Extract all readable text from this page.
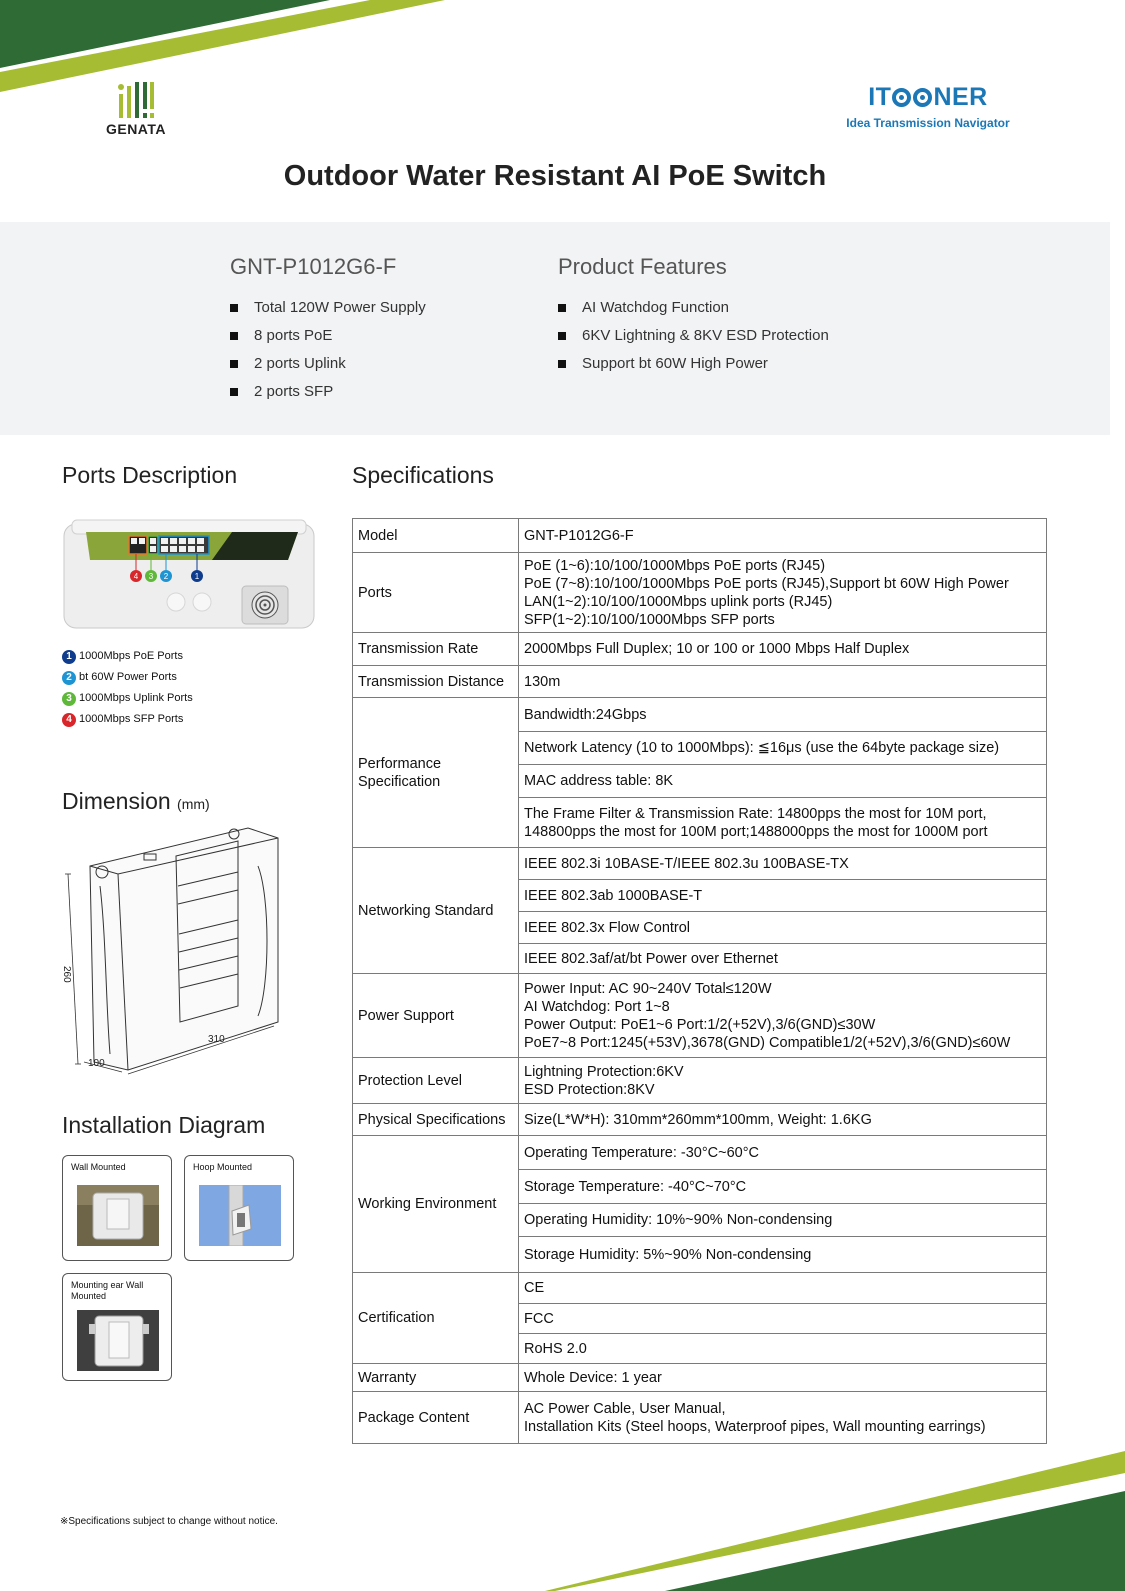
GENATA
IT NER
Idea Transmission Navigator
Outdoor Water Resistant AI PoE Switch
GNT-P1012G6-F
Total 120W Power Supply
8 ports PoE
2 ports Uplink
2 ports SFP
Product Features
AI Watchdog Function
6KV Lightning & 8KV ESD Protection
Support bt 60W High Power
Ports Description
4 3 2	1
1 1000Mbps PoE Ports
2 bt 60W Power Ports
3 1000Mbps Uplink Ports
4 1000Mbps SFP Ports
Dimension (mm)
260
310
100
Installation Diagram
Wall Mounted	Hoop Mounted
Mounting ear Wall Mounted
Specifications
Model	GNT-P1012G6-F

Ports	PoE (1~6):10/100/1000Mbps PoE ports (RJ45)
PoE (7~8):10/100/1000Mbps PoE ports (RJ45),Support bt 60W High Power
LAN(1~2):10/100/1000Mbps uplink ports (RJ45)
SFP(1~2):10/100/1000Mbps SFP ports

Transmission Rate	2000Mbps Full Duplex; 10 or 100 or 1000 Mbps Half Duplex

Transmission Distance	130m

Performance Specification	Bandwidth:24Gbps

	Network Latency (10 to 1000Mbps): ≦16μs (use the 64byte package size)

	MAC address table: 8K

	The Frame Filter & Transmission Rate: 14800pps the most for 10M port,
148800pps the most for 100M port;1488000pps the most for 1000M port

Networking Standard	IEEE 802.3i 10BASE-T/IEEE 802.3u 100BASE-TX

	IEEE 802.3ab 1000BASE-T

	IEEE 802.3x Flow Control

	IEEE 802.3af/at/bt Power over Ethernet

Power Support	Power Input: AC 90~240V Total≤120W
AI Watchdog: Port 1~8
Power Output: PoE1~6 Port:1/2(+52V),3/6(GND)≤30W
PoE7~8 Port:1245(+53V),3678(GND) Compatible1/2(+52V),3/6(GND)≤60W

Protection Level	Lightning Protection:6KV
ESD Protection:8KV

Physical Specifications	Size(L*W*H): 310mm*260mm*100mm, Weight: 1.6KG

Working Environment	Operating Temperature: -30°C~60°C

	Storage Temperature: -40°C~70°C

	Operating Humidity: 10%~90% Non-condensing

	Storage Humidity: 5%~90% Non-condensing

Certification	CE

	FCC

	RoHS 2.0

Warranty	Whole Device: 1 year

Package Content	AC Power Cable, User Manual,
Installation Kits (Steel hoops, Waterproof pipes, Wall mounting earrings)
※Specifications subject to change without notice.
